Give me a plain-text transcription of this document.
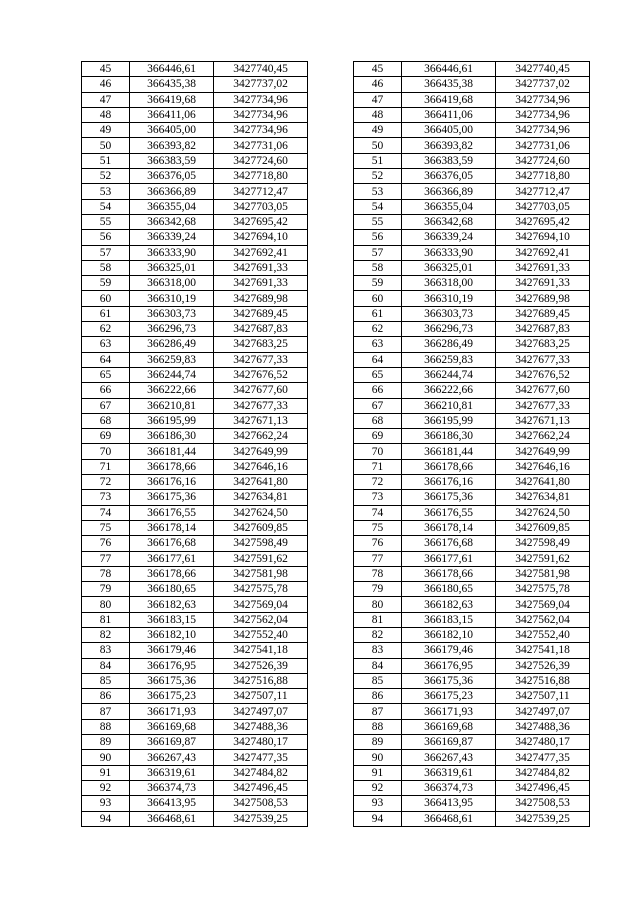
45	366446,61	3427740,45		45	366446,61	3427740,45
46	366435,38	3427737,02		46	366435,38	3427737,02
47	366419,68	3427734,96		47	366419,68	3427734,96
48	366411,06	3427734,96		48	366411,06	3427734,96
49	366405,00	3427734,96		49	366405,00	3427734,96
50	366393,82	3427731,06		50	366393,82	3427731,06
51	366383,59	3427724,60		51	366383,59	3427724,60
52	366376,05	3427718,80		52	366376,05	3427718,80
53	366366,89	3427712,47		53	366366,89	3427712,47
54	366355,04	3427703,05		54	366355,04	3427703,05
55	366342,68	3427695,42		55	366342,68	3427695,42
56	366339,24	3427694,10		56	366339,24	3427694,10
57	366333,90	3427692,41		57	366333,90	3427692,41
58	366325,01	3427691,33		58	366325,01	3427691,33
59	366318,00	3427691,33		59	366318,00	3427691,33
60	366310,19	3427689,98		60	366310,19	3427689,98
61	366303,73	3427689,45		61	366303,73	3427689,45
62	366296,73	3427687,83		62	366296,73	3427687,83
63	366286,49	3427683,25		63	366286,49	3427683,25
64	366259,83	3427677,33		64	366259,83	3427677,33
65	366244,74	3427676,52		65	366244,74	3427676,52
66	366222,66	3427677,60		66	366222,66	3427677,60
67	366210,81	3427677,33		67	366210,81	3427677,33
68	366195,99	3427671,13		68	366195,99	3427671,13
69	366186,30	3427662,24		69	366186,30	3427662,24
70	366181,44	3427649,99		70	366181,44	3427649,99
71	366178,66	3427646,16		71	366178,66	3427646,16
72	366176,16	3427641,80		72	366176,16	3427641,80
73	366175,36	3427634,81		73	366175,36	3427634,81
74	366176,55	3427624,50		74	366176,55	3427624,50
75	366178,14	3427609,85		75	366178,14	3427609,85
76	366176,68	3427598,49		76	366176,68	3427598,49
77	366177,61	3427591,62		77	366177,61	3427591,62
78	366178,66	3427581,98		78	366178,66	3427581,98
79	366180,65	3427575,78		79	366180,65	3427575,78
80	366182,63	3427569,04		80	366182,63	3427569,04
81	366183,15	3427562,04		81	366183,15	3427562,04
82	366182,10	3427552,40		82	366182,10	3427552,40
83	366179,46	3427541,18		83	366179,46	3427541,18
84	366176,95	3427526,39		84	366176,95	3427526,39
85	366175,36	3427516,88		85	366175,36	3427516,88
86	366175,23	3427507,11		86	366175,23	3427507,11
87	366171,93	3427497,07		87	366171,93	3427497,07
88	366169,68	3427488,36		88	366169,68	3427488,36
89	366169,87	3427480,17		89	366169,87	3427480,17
90	366267,43	3427477,35		90	366267,43	3427477,35
91	366319,61	3427484,82		91	366319,61	3427484,82
92	366374,73	3427496,45		92	366374,73	3427496,45
93	366413,95	3427508,53		93	366413,95	3427508,53
94	366468,61	3427539,25		94	366468,61	3427539,25
